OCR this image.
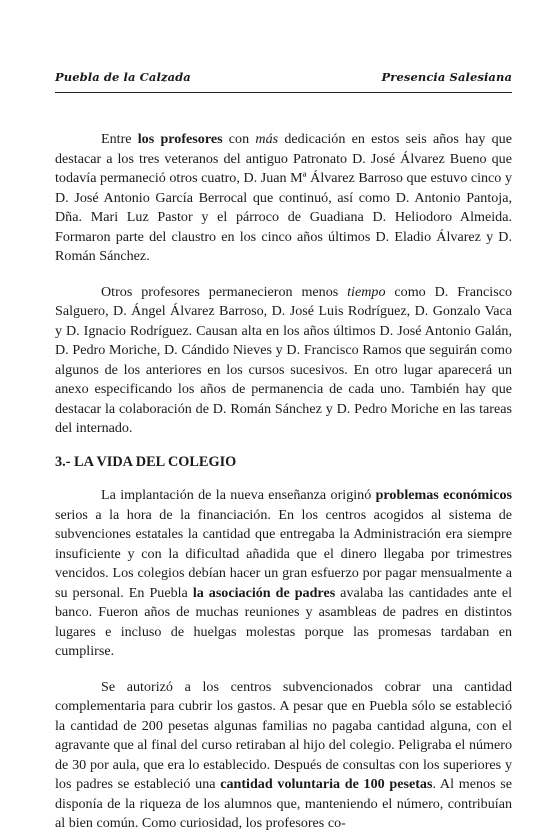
Puebla de la Calzada	Presencia Salesiana

Entre los profesores con más dedicación en estos seis años hay que destacar a los tres veteranos del antiguo Patronato D. José Álvarez Bueno que todavía permaneció otros cuatro, D. Juan Mª Álvarez Barroso que estuvo cinco y D. José Antonio García Berrocal que continuó, así como D. Antonio Pantoja, Dña. Mari Luz Pastor y el párroco de Guadiana D. Heliodoro Almeida. Formaron parte del claustro en los cinco años últimos D. Eladio Álvarez y D. Román Sánchez.

Otros profesores permanecieron menos tiempo como D. Francisco Salguero, D. Ángel Álvarez Barroso, D. José Luis Rodríguez, D. Gonzalo Vaca y D. Ignacio Rodríguez. Causan alta en los años últimos D. José Antonio Galán, D. Pedro Moriche, D. Cándido Nieves y D. Francisco Ramos que seguirán como algunos de los anteriores en los cursos sucesivos. En otro lugar aparecerá un anexo especificando los años de permanencia de cada uno. También hay que destacar la colaboración de D. Román Sánchez y D. Pedro Moriche en las tareas del internado.

3.- LA VIDA DEL COLEGIO

La implantación de la nueva enseñanza originó problemas económicos serios a la hora de la financiación. En los centros acogidos al sistema de subvenciones estatales la cantidad que entregaba la Administración era siempre insuficiente y con la dificultad añadida que el dinero llegaba por trimestres vencidos. Los colegios debían hacer un gran esfuerzo por pagar mensualmente a su personal. En Puebla la asociación de padres avalaba las cantidades ante el banco. Fueron años de muchas reuniones y asambleas de padres en distintos lugares e incluso de huelgas molestas porque las promesas tardaban en cumplirse.

Se autorizó a los centros subvencionados cobrar una cantidad complementaria para cubrir los gastos. A pesar que en Puebla sólo se estableció la cantidad de 200 pesetas algunas familias no pagaba cantidad alguna, con el agravante que al final del curso retiraban al hijo del colegio. Peligraba el número de 30 por aula, que era lo establecido. Después de consultas con los superiores y los padres se estableció una cantidad voluntaria de 100 pesetas. Al menos se disponía de la riqueza de los alumnos que, manteniendo el número, contribuían al bien común. Como curiosidad, los profesores co-
